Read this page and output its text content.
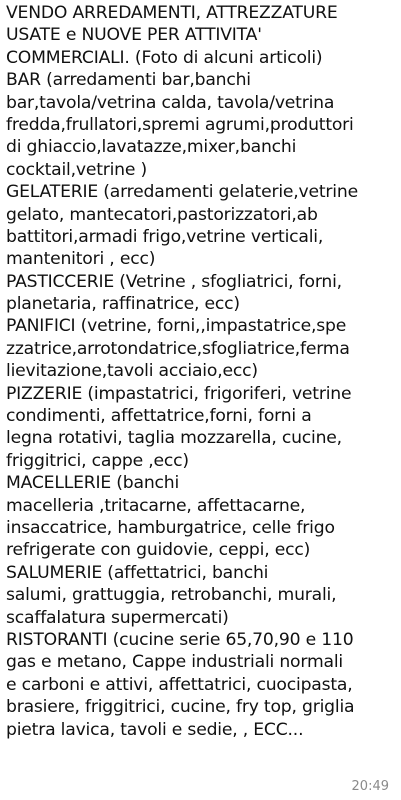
VENDO ARREDAMENTI, ATTREZZATURE
USATE e NUOVE PER ATTIVITA'
COMMERCIALI. (Foto di alcuni articoli)
BAR (arredamenti bar,banchi
bar,tavola/vetrina calda, tavola/vetrina
fredda,frullatori,spremi agrumi,produttori
di ghiaccio,lavatazze,mixer,banchi
cocktail,vetrine )
GELATERIE (arredamenti gelaterie,vetrine
gelato, mantecatori,pastorizzatori,ab
battitori,armadi frigo,vetrine verticali,
mantenitori , ecc)
PASTICCERIE (Vetrine , sfogliatrici, forni,
planetaria, raffinatrice, ecc)
PANIFICI (vetrine, forni,,impastatrice,spe
zzatrice,arrotondatrice,sfogliatrice,ferma
lievitazione,tavoli acciaio,ecc)
PIZZERIE (impastatrici, frigoriferi, vetrine
condimenti, affettatrice,forni, forni a
legna rotativi, taglia mozzarella, cucine,
friggitrici, cappe ,ecc)
MACELLERIE (banchi
macelleria ,tritacarne, affettacarne,
insaccatrice, hamburgatrice, celle frigo
refrigerate con guidovie, ceppi, ecc)
SALUMERIE (affettatrici, banchi
salumi, grattuggia, retrobanchi, murali,
scaffalatura supermercati)
RISTORANTI (cucine serie 65,70,90 e 110
gas e metano, Cappe industriali normali
e carboni e attivi, affettatrici, cuocipasta,
brasiere, friggitrici, cucine, fry top, griglia
pietra lavica, tavoli e sedie, , ECC...
20:49
